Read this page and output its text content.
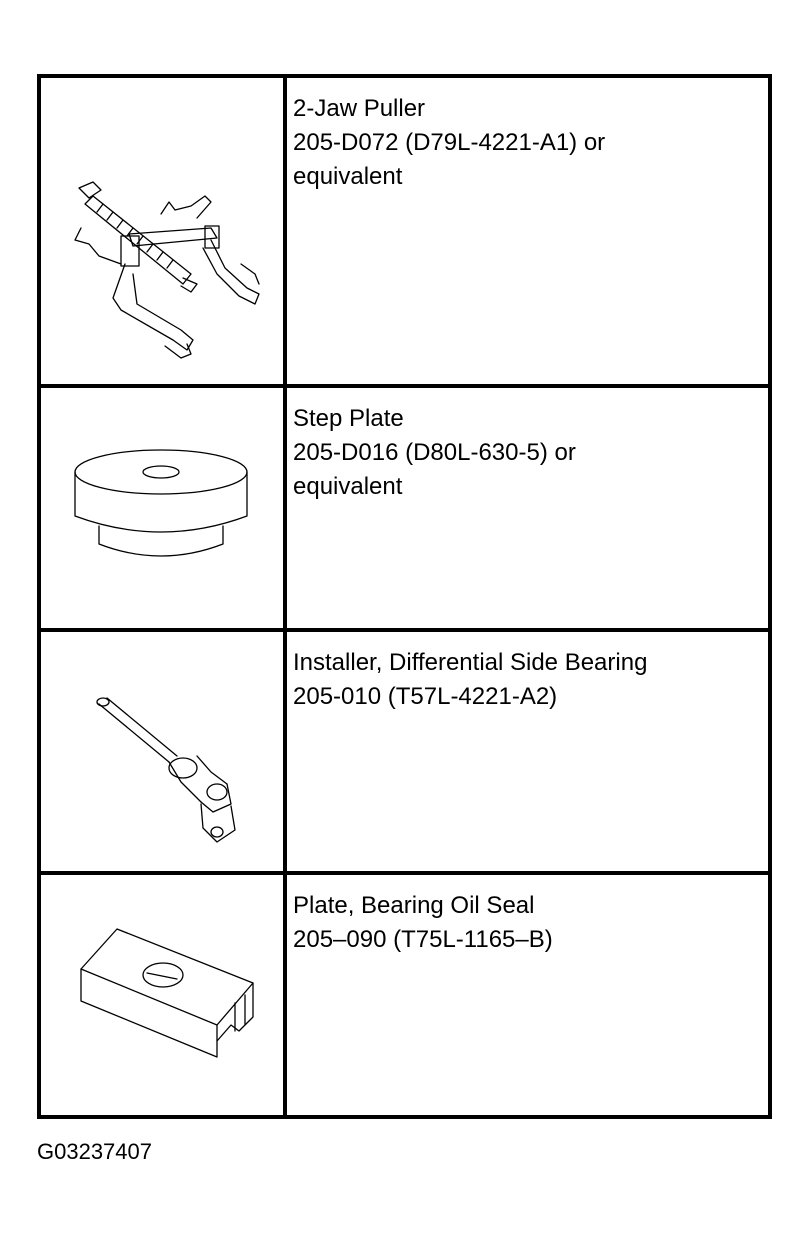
2-Jaw Puller
205-D072 (D79L-4221-A1) or
equivalent
Step Plate
205-D016 (D80L-630-5) or
equivalent
Installer, Differential Side Bearing
205-010 (T57L-4221-A2)
Plate, Bearing Oil Seal
205–090 (T75L-1165–B)
G03237407
